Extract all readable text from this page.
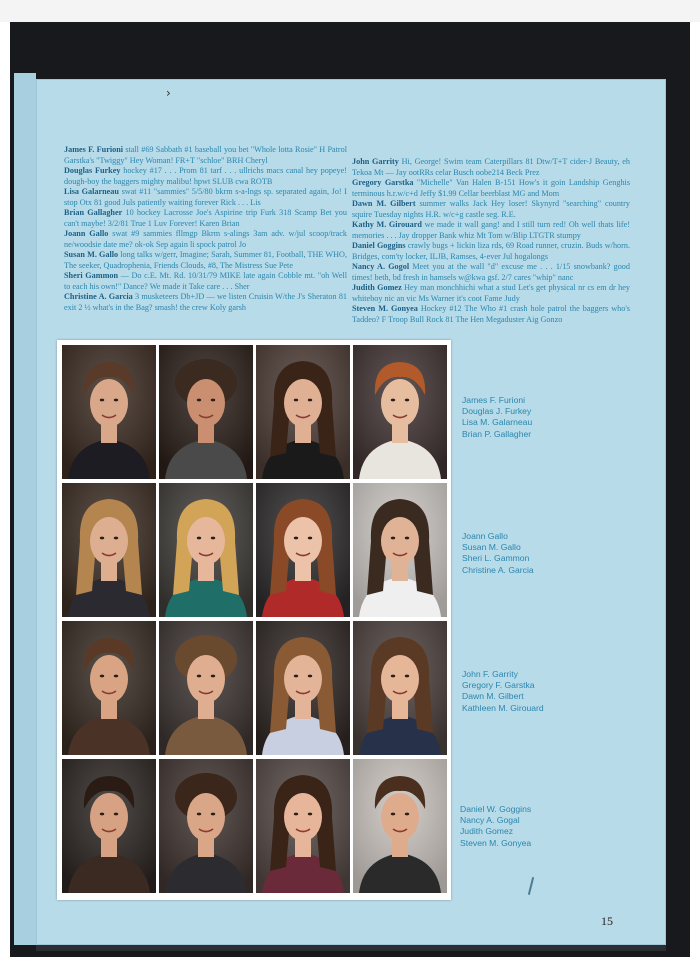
›

James F. Furioni stall #69 Sabbath #1 baseball you bet "Whole lotta Rosie" H Patrol Garstka's "Twiggy" Hey Woman! FR+T "schloe" BRH Cheryl

Douglas Furkey hockey #17 . . . Prom 81 tarf . . . ullrichs macs canal hey popeye! dough-boy the baggers mighty malibu! hpwt SLUB cwa ROTB

Lisa Galarneau swat #11 "sammies" 5/5/80 bkrm s-a-lngs sp. separated again, Jo! I stop Otx 81 good Juls patiently waiting forever Rick . . . Lis

Brian Gallagher 10 hockey Lacrosse Joe's Aspirine trip Furk 318 Scamp Bet you can't maybe! 3/2/81 True 1 Luv Forever! Karen Brian

Joann Gallo swat #9 sammies fllmgp Bkrm s-alings 3am adv. w/jul scoop/track ne/woodsie date me? ok-ok Sep again li spock patrol Jo

Susan M. Gallo long talks w/gerr, Imagine; Sarah, Summer 81, Football, THE WHO, The seeker, Quadrophenia, Friends Clouds, #8, The Mistress Sue Pete

Sheri Gammon — Do c.E. Mt. Rd. 10/31/79 MIKE late again Cobble mt. "oh Well to each his own!" Dance? We made it Take care . . . Sher

Christine A. Garcia 3 musketeers Db+JD — we listen Cruisin W/the J's Sheraton 81 exit 2 ½ what's in the Bag? smash! the crew Koly garsh

John Garrity Hi, George! Swim team Caterpillars 81 Dtw/T+T cider-J Beauty, eh Tekoa Mt — Jay ootRRs celar Busch oobe214 Beck Prez

Gregory Garstka "Michelle" Van Halen B-151 How's it goin Landship Genghis terminous h.r.w/c+d Jeffy $1.99 Cellar beerblast MG and Mom

Dawn M. Gilbert summer walks Jack Hey loser! Skynyrd "searching" country squire Tuesday nights H.R. w/c+g castle seg. R.E.

Kathy M. Girouard we made it wall gang! and I still turn red! Oh well thats life! memories . . . Jay dropper Bank whiz Mt Tom w/Blip LTGTR stumpy

Daniel Goggins crawly bugs + lickin liza rds, 69 Road runner, cruzin. Buds w/horn. Bridges, com'ty locker, ILJB, Ramses, 4-ever Jul hogalongs

Nancy A. Gogol Meet you at the wall "d" excuse me . . . 1/15 snowbank? good times! beth, bd fresh in hamsels w@kwa gsf. 2/7 cares "whip" nanc

Judith Gomez Hey man monchhichi what a stud Let's get physical nr cs em dr hey whiteboy nic an vic Ms Warner it's coot Fame Judy

Steven M. Gonyea Hockey #12 The Who #1 crash hole patrol the baggers who's Taddeo? F Troop Bull Rock 81 The Hen Megaduster Aig Gonzo

James F. Furioni
Douglas J. Furkey
Lisa M. Galarneau
Brian P. Gallagher
Joann Gallo
Susan M. Gallo
Sheri L. Gammon
Christine A. Garcia
John F. Garrity
Gregory F. Garstka
Dawn M. Gilbert
Kathleen M. Girouard
Daniel W. Goggins
Nancy A. Gogal
Judith Gomez
Steven M. Gonyea
15
